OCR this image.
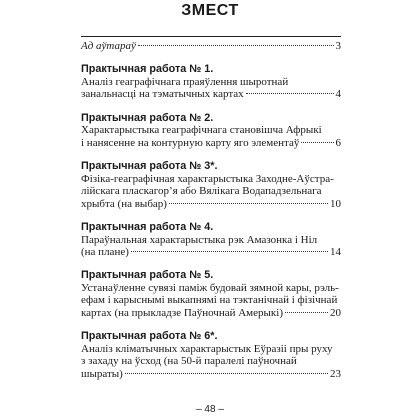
ЗМЕСТ
Ад аўтараў	3
Практычная работа № 1.
Аналіз геаграфічнага праяўлення шыротнай
занальнасці на тэматычных картах	4
Практычная работа № 2.
Характарыстыка геаграфічнага становішча Афрыкі
і нанясенне на контурную карту яго элементаў	6
Практычная работа № 3*.
Фізіка-геаграфічная характарыстыка Заходне-Аўстра-
лійскага пласкагор’я або Вялікага Водападзельнага
хрыбта (на выбар)	10
Практычная работа № 4.
Параўнальная характарыстыка рэк Амазонка і Ніл
(на плане)	14
Практычная работа № 5.
Устанаўленне сувязі паміж будовай зямной кары, рэль-
ефам і карыснымі выкапнямі на тэктанічнай і фізічнай
картах (на прыкладзе Паўночнай Амерыкі)	20
Практычная работа № 6*.
Аналіз кліматычных характарыстык Еўразіі пры руху
з захаду на ўсход (на 50-й паралелі паўночнай
шыраты)	23
– 48 –
